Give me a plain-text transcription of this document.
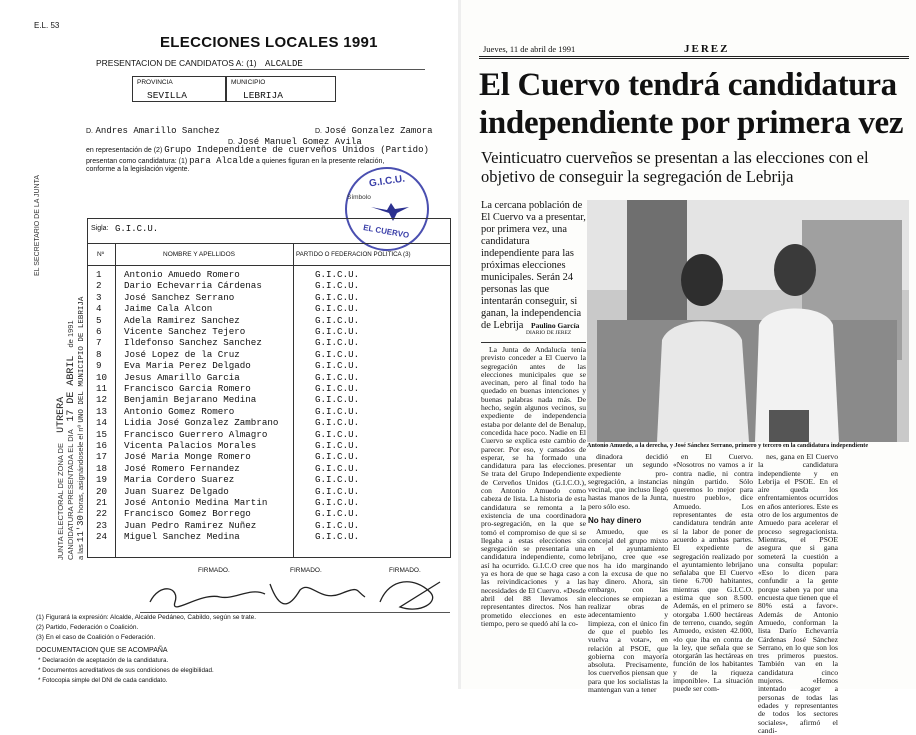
E.L. 53
ELECCIONES LOCALES 1991
PRESENTACION DE CANDIDATOS A: (1) ALCALDE
PROVINCIA
SEVILLA
MUNICIPIO
LEBRIJA
D. Andres Amarillo Sanchez	D. José Gonzalez Zamora
D. José Manuel Gomez Avila
en representación de (2) Grupo Independiente de cuerveños Unidos (Partido)
presentan como candidatura: (1) para Alcalde a quienes figuran en la presente relación,
conforme a la legislación vigente.
G.I.C.U.
Símbolo
EL CUERVO
Sigla: G.I.C.U.
Nº	NOMBRE Y APELLIDOS	PARTIDO O FEDERACION POLITICA (3)
1	Antonio Amuedo Romero	G.I.C.U.
2	Dario Echevarria Cárdenas	G.I.C.U.
3	José Sanchez Serrano	G.I.C.U.
4	Jaime Cala Alcon	G.I.C.U.
5	Adela Ramirez Sanchez	G.I.C.U.
6	Vicente Sanchez Tejero	G.I.C.U.
7	Ildefonso Sanchez Sanchez	G.I.C.U.
8	José Lopez de la Cruz	G.I.C.U.
9	Eva Maria Perez Delgado	G.I.C.U.
10	Jesus Amarillo Garcia	G.I.C.U.
11	Francisco Garcia Romero	G.I.C.U.
12	Benjamin Bejarano Medina	G.I.C.U.
13	Antonio Gomez Romero	G.I.C.U.
14	Lidia José Gonzalez Zambrano	G.I.C.U.
15	Francisco Guerrero Almagro	G.I.C.U.
16	Vicenta Palacios Morales	G.I.C.U.
17	José Maria Monge Romero	G.I.C.U.
18	José Romero Fernandez	G.I.C.U.
19	Maria Cordero Suarez	G.I.C.U.
20	Juan Suarez Delgado	G.I.C.U.
21	José Antonio Medina Martin	G.I.C.U.
22	Francisco Gomez Borrego	G.I.C.U.
23	Juan Pedro Ramirez Nuñez	G.I.C.U.
24	Miguel Sanchez Medina	G.I.C.U.
JUNTA ELECTORAL DE ZONA DE UTRERA
CANDIDATURA PRESENTADA EL DIA 17 DE ABRIL de 1991
a las 11'30 horas, asignándosele el nº UNO DEL MUNICIPIO DE LEBRIJA
EL SECRETARIO DE LA JUNTA
FIRMADO.	FIRMADO.	FIRMADO.
(1) Figurará la expresión: Alcalde, Alcalde Pedáneo, Cabildo, según se trate.
(2) Partido, Federación o Coalición.
(3) En el caso de Coalición o Federación.
DOCUMENTACION QUE SE ACOMPAÑA
* Declaración de aceptación de la candidatura.
* Documentos acreditativos de sus condiciones de elegibilidad.
* Fotocopia simple del DNI de cada candidato.
Jueves, 11 de abril de 1991	JEREZ
El Cuervo tendrá candidatura independiente por primera vez
Veinticuatro cuerveños se presentan a las elecciones con el objetivo de conseguir la segregación de Lebrija
La cercana población de El Cuervo va a presentar, por primera vez, una candidatura independiente para las próximas elecciones municipales. Serán 24 personas las que intentarán conseguir, si ganan, la independencia de Lebrija	Paulino García
DIARIO DE JEREZ

La Junta de Andalucía tenía previsto conceder a El Cuervo la segregación antes de las elecciones municipales que se avecinan, pero al final todo ha quedado en buenas intenciones y buenas palabras nada más. De hecho, según algunos vecinos, su expediente de independencia estaba por delante del de Benalup, concedida hace poco. Nadie en El Cuervo se explica este cambio de parecer. Por eso, y cansados de esperar, se ha formado una candidatura para las elecciones. Se trata del Grupo Independiente de Cerveños Unidos (G.I.C.O.), con Antonio Amuedo como cabeza de lista. La historia de esta candidatura se remonta a la existencia de una coordinadora pro-segregación, en la que se tomó el compromiso de que si se llegaba a estas elecciones sin segregación se presentaría una candidatura independiente, como así ha ocurrido. G.I.C.O cree que ya es hora de que se haga caso a las reivindicaciones y a las necesidades de El Cuervo. «Desde abril del 88 llevamos sin representantes directos. Nos han prometido elecciones en este tiempo, pero se quedó ahí la co-

Antonio Amuedo, a la derecha, y José Sánchez Serrano, primero y tercero en la candidatura independiente

dinadora decidió presentar un segundo expediente pro-segregación, a instancias vecinal, que incluso llegó hastas manos de la Junta, pero sólo eso.

No hay dinero

Amuedo, que es concejal del grupo mixto en el ayuntamiento lebrijano, cree que «se nos ha ido marginando con la excusa de que no hay dinero. Ahora, sin embargo, con las elecciones se empiezan a realizar obras de adecentamiento y limpieza, con el único fin de que el pueblo les vuelva a votar», en relación al PSOE, que gobierna con mayoría absoluta. Precisamente, los cuerveños piensan que para que los socialistas la mantengan van a tener

en El Cuervo. «Nosotros no vamos a ir contra nadie, ni contra ningún partido. Sólo queremos lo mejor para nuestro pueblo», dice Amuedo. Los representantes de esta candidatura tendrán ante sí la labor de poner de acuerdo a ambas partes. El expediente de segregación realizado por el ayuntamiento lebrijano señalaba que El Cuervo tiene 6.700 habitantes, mientras que G.I.C.O. estima que son 8.500. Además, en el primero se otorgaba 1.600 hectáreas de terreno, cuando, según Amuedo, existen 42.000, «lo que iba en contra de la ley, que señala que se otorgarán las hectáreas en función de los habitantes y de la riqueza imponible». La situación puede ser com-

nes, gana en El Cuervo la candidatura independiente y en Lebrija el PSOE. En el aire queda los enfrentamientos ocurridos en años anteriores. Este es otro de los argumentos de Amuedo para acelerar el proceso segregacionista. Mientras, el PSOE asegura que si gana someterá la cuestión a una consulta popular: «Eso lo dicen para confundir a la gente porque saben ya por una encuesta que tienen que el 80% está a favor». Además de Antonio Amuedo, conforman la lista Darío Echevarría Cárdenas José Sánchez Serrano, en lo que son los tres primeros puestos. También van en la candidatura cinco mujeres. «Hemos intentado acoger a personas de todas las edades y representantes de todos los sectores sociales», afirmó el candi-
